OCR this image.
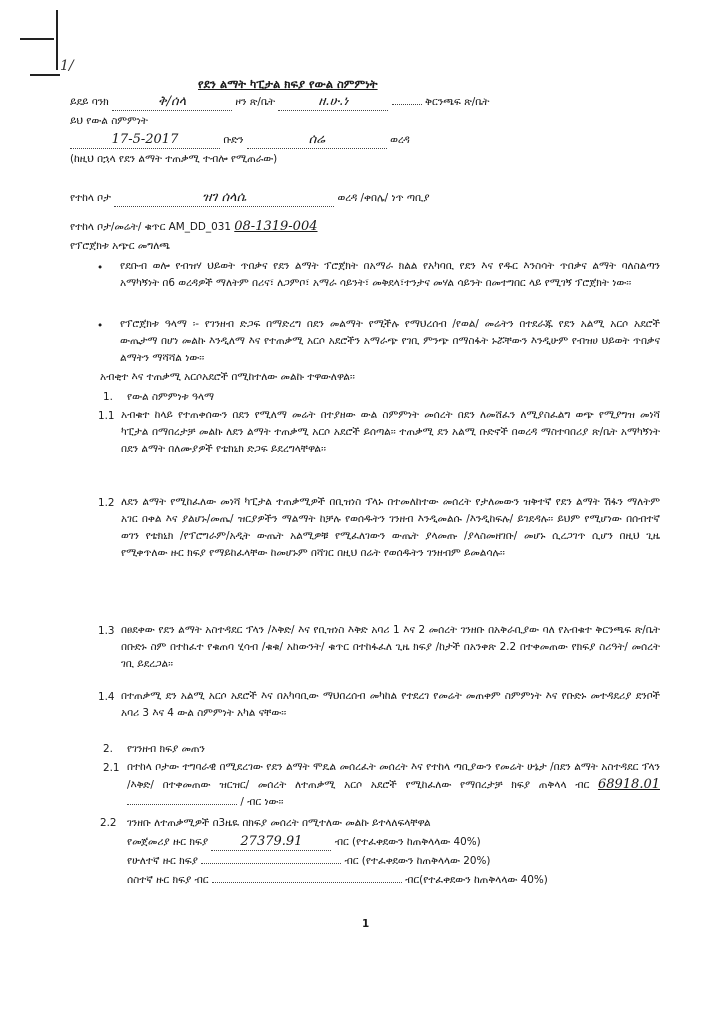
1/
የደን ልማት ካፒታል ክፍያ የውል ስምምነት
ይደይ ባንክ	ቅ/ሰላ	ዞን ጽ/ቤት	ዘ.ሁ.ነ	ቅርንጫፍ ጽ/ቤት
ይህ የውል ስምምነት
17-5-2017	ቡድን	ሰሬ	ወረዳ
(ከዚህ በኋላ የደን ልማት ተጠቃሚ ተብሎ የሚጠራው)
የተከላ ቦታ	ዝገ ሰላሴ	ወረዳ /ቀበሌ/ ነጥ ጣቢያ
የተከላ ቦታ/መሬት/ ቁጥር AM_DD_031 08-1319-004
የፕሮጀክቱ አጭር መግለጫ
• የደቡብ ወሎ የብዝሃ ህይወት ጥበቃና የደን ልማት ፕሮጀክት በአማራ ክልል የአካባቢ የደን እና የዱር እንስሳት ጥበቃና ልማት ባለስልጣን አማካኝነት በ6 ወረዳዎች ማለትም በሪና፣ ለጋምቦ፣ አማራ ሳይንት፣ መቅደላ፣ተንታና መሃል ሳይንት በመተግበር ላይ የሚገኝ ፕሮጀክት ነው፡፡
• የፕሮጀክቱ ዓላማ ፡- የገንዘብ ድጋፍ በማድረግ በደን መልማት የሚችሉ የማህረሰብ /የወል/ መሬትን በተደራጁ የደን አልሚ አርሶ አደሮች ውጤታማ በሆነ መልኩ እንዲለማ እና የተጠቃሚ አርሶ አደሮችን አማራጭ የገቢ ምንጭ በማስፋት ኑሯቸውን እንዲሁም የብዝሀ ህይወት ጥበቃና ልማትን ማሻሻል ነው፡፡
አብቂተ እና ተጠቃሚ አርሶአደሮች በሚከተለው መልኩ ተዋውለዋል፡፡
1. የውል ስምምነቱ ዓላማ
1.1 አብቁተ ከላይ የተጠቀሰውን በደን የሚለማ መሬት በተያዘው ውል ስምምነት መሰረት በደን ለመሸፈን ለሚያስፈልግ ወጭ የሚያግዝ መነሻ ካፒታል በማበረታቻ መልኩ ለደን ልማት ተጠቃሚ አርሶ አደሮች ይሰጣል፡፡ ተጠቃሚ ደን አልሚ ቡድኖች በወረዳ ማስተባበሪያ ጽ/ቤት አማካኝነት በደን ልማት በለሙያዎች የቴክኒክ ድጋፍ ይደረግላቸዋል፡፡
1.2 ለደን ልማት የሚከፈለው መነሻ ካፒታል ተጠቃሚዎች በቢዝነስ ፕላኑ በተመለከተው መሰረት የታለመውን ዝቅተኛ የደን ልማት ሽፋን ማለትም አገር በቀል እና ያልሆኑ/መጤ/ ዝርያዎችን ማልማት ከቻሉ የወሰዱትን ገንዘብ እንዲመልሱ /እንዲከፍሉ/ ይገደዳሉ፡፡ ይህም የሚሆነው በሰብተኛ ወገን የቴክኒክ /የፕሮግራም/አዲት ውጤት አልሚዎቹ የሚፈለገውን ውጤት ያላመጡ /ያላስመዘገቡ/ መሆኑ ሲረጋገጥ ሲሆን በዚህ ጊዜ የሚቀጥለው ዙር ክፍያ የማይከፈላቸው ከመሆኑም በሻገር በዚህ በሬት የወሰዱትን ገንዘብም ይመልሳሉ፡፡
1.3 በፀደቀው የደን ልማት አስተዳደር ፕላን /እቅድ/ እና የቢዝነስ እቅድ አባሪ 1 እና 2 መሰረት ገንዘቡ በአቅራቢያው ባለ የአብቁተ ቅርንጫፍ ጽ/ቤት በቡድኑ ስም በተከፈተ የቁጠባ ሂሳብ /ቁቁ/ አከውንት/ ቁጥር በተከፋፈለ ጊዜ ክፍያ /ከታች በአንቀጽ 2.2 በተቀመጠው የክፍያ ስሪዓት/ መሰረት ገቢ ይደረጋል፡፡
1.4 በተጠቃሚ ደን አልሚ አርሶ አደሮች እና በአካባቢው ማህበረሰብ መካከል የተደረገ የመሬት መጠቀም ስምምነት እና የቡድኑ መተዳደሪያ ደንቦች አባሪ 3 እና 4 ውል ስምምነት አካል ናቸው፡፡
2. የገንዘብ ክፍያ መጠን
2.1 በተከላ ቦታው ተግባራዊ በሚደረገው የደን ልማት ሞዴል መሰረፈት መሰረት እና የተከላ ጣቢያውን የመሬት ሁኔታ /በደን ልማት አስተዳደር ፕላን /እቅድ/ በተቀመጠው ዝርዝር/ መሰረት ለተጠቃሚ አርሶ አደሮች የሚከፈለው የማበረታቻ ክፍያ ጠቅላላ ብር 68918.01  / ብር ነው፡፡
2.2 ገንዘቡ ለተጠቃሚዎች በ3ዜዪ በክፍያ መሰረት በሚተለው መልኩ ይተላለፍላቸዋል
የመጀመሪያ ዙር ክፍያ 27379.91	ብር (የተፈቀደውን ከጠቅላላው 40%)
የሁለተኛ ዙር ክፍያ	ብር (የተፈቀደውን ከጠቅላላው 20%)
ሰስተኛ ዙር ክፍያ ብር	ብር(የተፈቀደውን ከጠቅላላው 40%)
1
